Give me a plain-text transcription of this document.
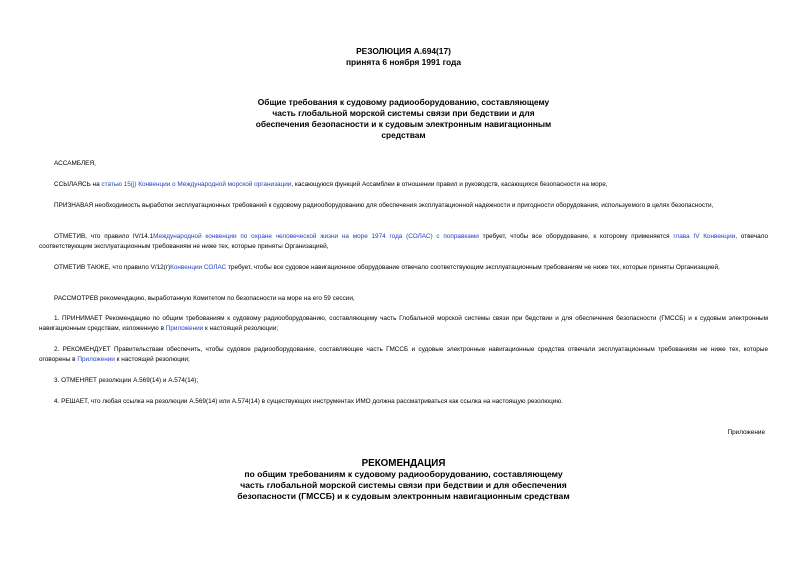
РЕЗОЛЮЦИЯ А.694(17)
принята 6 ноября 1991 года
Общие требования к судовому радиооборудованию, составляющему
часть глобальной морской системы связи при бедствии и для
обеспечения безопасности и к судовым электронным навигационным
средствам
АССАМБЛЕЯ,
ССЫЛАЯСЬ на статью 15(j) Конвенции о Международной морской организации, касающуюся функций Ассамблеи в отношении правил и руководств, касающихся безопасности на море,
ПРИЗНАВАЯ необходимость выработки эксплуатационных требований к судовому радиооборудованию для обеспечения эксплуатационной надежности и пригодности оборудования, используемого в целях безопасности,
ОТМЕТИВ, что правило IV/14.1Международной конвенции по охране человеческой жизни на море 1974 года (СОЛАС) с поправками требует, чтобы все оборудование, к которому применяется глава IV Конвенции, отвечало соответствующим эксплуатационным требованиям не ниже тех, которые приняты Организацией,
ОТМЕТИВ ТАКЖЕ, что правило V/12(r)Конвенции СОЛАС требует, чтобы все судовое навигационное оборудование отвечало соответствующим эксплуатационным требованиям не ниже тех, которые приняты Организацией,
РАССМОТРЕВ рекомендацию, выработанную Комитетом по безопасности на море на его 59 сессии,
1. ПРИНИМАЕТ Рекомендацию по общим требованиям к судовому радиооборудованию, составляющему часть Глобальной морской системы связи при бедствии и для обеспечения безопасности (ГМССБ) и к судовым электронным навигационным средствам, изложенную в Приложении к настоящей резолюции;
2. РЕКОМЕНДУЕТ Правительствам обеспечить, чтобы судовое радиооборудование, составляющее часть ГМССБ и судовые электронные навигационные средства отвечали эксплуатационным требованиям не ниже тех, которые оговорены в Приложении к настоящей резолюции;
3. ОТМЕНЯЕТ резолюции А.569(14) и А.574(14);
4. РЕШАЕТ, что любая ссылка на резолюции А.569(14) или А.574(14) в существующих инструментах ИМО должна рассматриваться как ссылка на настоящую резолюцию.
Приложение
РЕКОМЕНДАЦИЯ
по общим требованиям к судовому радиооборудованию, составляющему
часть глобальной морской системы связи при бедствии и для обеспечения
безопасности (ГМССБ) и к судовым электронным навигационным средствам
